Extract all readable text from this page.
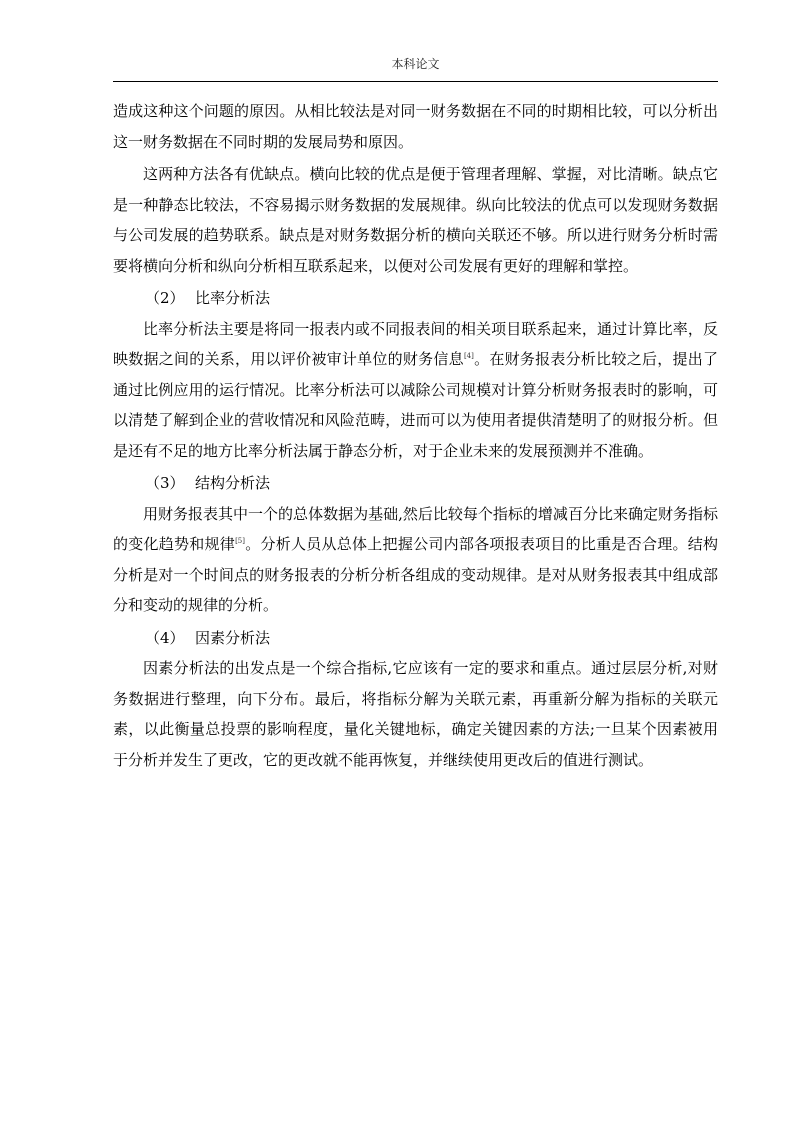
本科论文

造成这种这个问题的原因。从相比较法是对同一财务数据在不同的时期相比较，可以分析出这一财务数据在不同时期的发展局势和原因。

这两种方法各有优缺点。横向比较的优点是便于管理者理解、掌握，对比清晰。缺点它是一种静态比较法，不容易揭示财务数据的发展规律。纵向比较法的优点可以发现财务数据与公司发展的趋势联系。缺点是对财务数据分析的横向关联还不够。所以进行财务分析时需要将横向分析和纵向分析相互联系起来，以便对公司发展有更好的理解和掌控。

（2） 比率分析法

比率分析法主要是将同一报表内或不同报表间的相关项目联系起来，通过计算比率，反映数据之间的关系，用以评价被审计单位的财务信息[4]。在财务报表分析比较之后，提出了通过比例应用的运行情况。比率分析法可以减除公司规模对计算分析财务报表时的影响，可以清楚了解到企业的营收情况和风险范畴，进而可以为使用者提供清楚明了的财报分析。但是还有不足的地方比率分析法属于静态分析，对于企业未来的发展预测并不准确。

（3） 结构分析法

用财务报表其中一个的总体数据为基础,然后比较每个指标的增减百分比来确定财务指标的变化趋势和规律[5]。分析人员从总体上把握公司内部各项报表项目的比重是否合理。结构分析是对一个时间点的财务报表的分析分析各组成的变动规律。是对从财务报表其中组成部分和变动的规律的分析。

（4） 因素分析法

因素分析法的出发点是一个综合指标,它应该有一定的要求和重点。通过层层分析,对财务数据进行整理，向下分布。最后，将指标分解为关联元素，再重新分解为指标的关联元素，以此衡量总投票的影响程度，量化关键地标，确定关键因素的方法;一旦某个因素被用于分析并发生了更改，它的更改就不能再恢复，并继续使用更改后的值进行测试。
